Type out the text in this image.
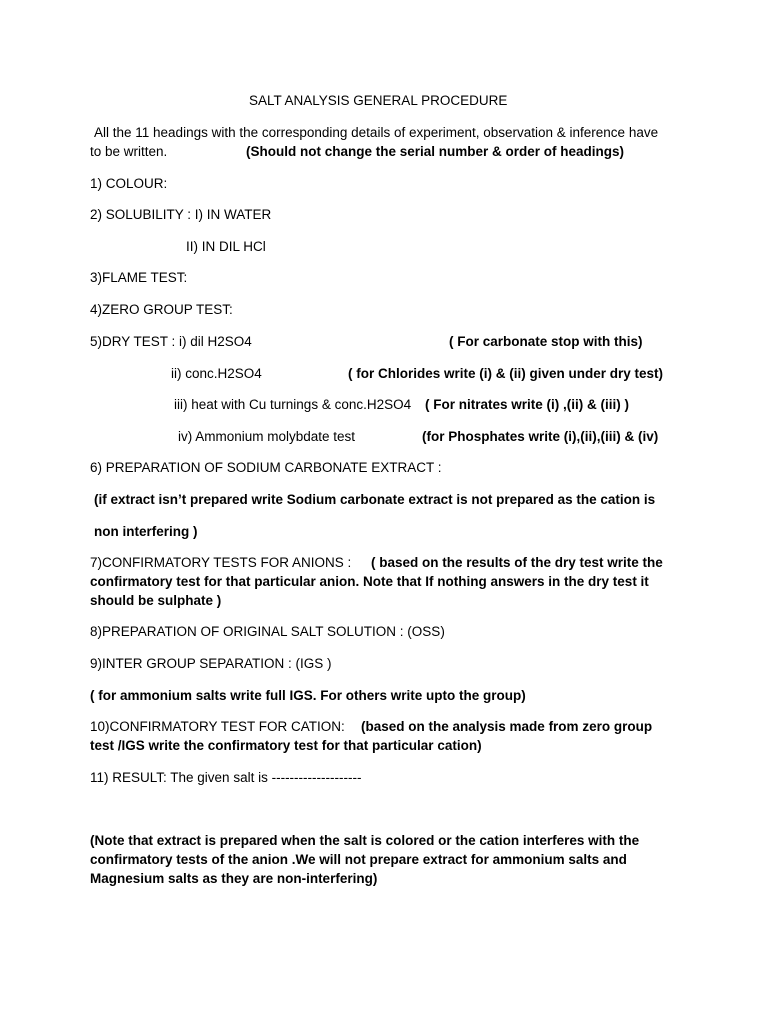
SALT ANALYSIS GENERAL PROCEDURE
All the 11 headings with the corresponding details of experiment, observation & inference have
to be written.	(Should not change the serial number & order of headings)
1) COLOUR:
2) SOLUBILITY : I) IN WATER
II) IN DIL HCl
3)FLAME TEST:
4)ZERO GROUP TEST:
5)DRY TEST : i) dil H2SO4	( For carbonate stop with this)
ii) conc.H2SO4	( for Chlorides write (i) & (ii) given under dry test)
iii) heat with Cu turnings & conc.H2SO4 ( For nitrates write (i) ,(ii) & (iii) )
iv) Ammonium molybdate test	(for Phosphates write (i),(ii),(iii) & (iv)
6) PREPARATION OF SODIUM CARBONATE EXTRACT :
(if extract isn’t prepared write Sodium carbonate extract is not prepared as the cation is
non interfering )
7)CONFIRMATORY TESTS FOR ANIONS : ( based on the results of the dry test write the
confirmatory test for that particular anion. Note that If nothing answers in the dry test it
should be sulphate )
8)PREPARATION OF ORIGINAL SALT SOLUTION : (OSS)
9)INTER GROUP SEPARATION : (IGS )
( for ammonium salts write full IGS. For others write upto the group)
10)CONFIRMATORY TEST FOR CATION: (based on the analysis made from zero group
test /IGS write the confirmatory test for that particular cation)
11) RESULT: The given salt is --------------------
(Note that extract is prepared when the salt is colored or the cation interferes with the
confirmatory tests of the anion .We will not prepare extract for ammonium salts and
Magnesium salts as they are non-interfering)
